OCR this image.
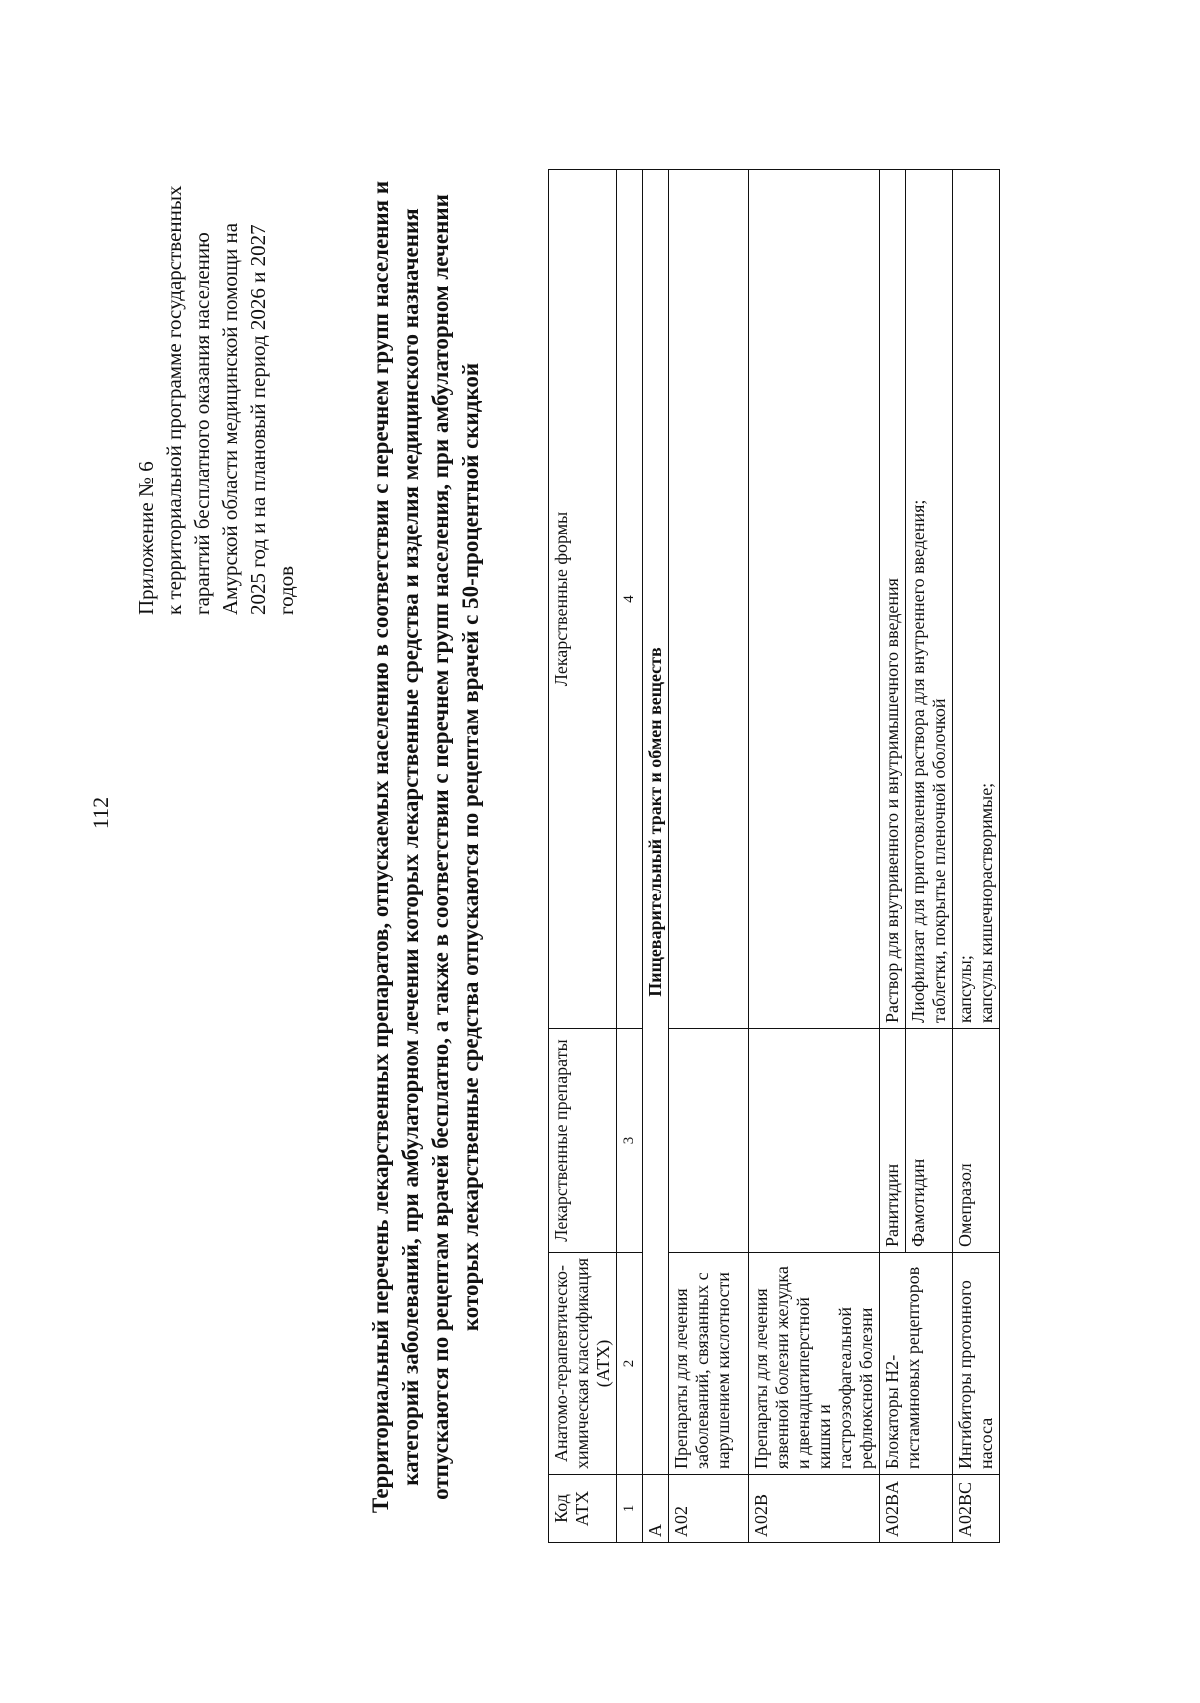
112
Приложение № 6 к территориальной программе государственных гарантий бесплатного оказания населению Амурской области медицинской помощи на 2025 год и на плановый период 2026 и 2027 годов	Территориальный перечень лекарственных препаратов, отпускаемых населению в соответствии с перечнем групп населения и категорий заболеваний, при амбулаторном лечении которых лекарственные средства и изделия медицинского назначения отпускаются по рецептам врачей бесплатно, а также в соответствии с перечнем групп населения, при амбулаторном лечении которых лекарственные средства отпускаются по рецептам врачей с 50-процентной скидкой
Код АТХ	Анатомо-терапевтическо-химическая классификация (АТХ)	Лекарственные препараты	Лекарственные формы
1	2	3	4
A	Пищеварительный тракт и обмен веществ		
A02	Препараты для лечения заболеваний, связанных с нарушением кислотности		
A02B	Препараты для лечения язвенной болезни желудка и двенадцатиперстной кишки и гастроэзофагеальной рефлюксной болезни		
A02BA	Блокаторы H2-гистаминовых рецепторов	Ранитидин	Раствор для внутривенного и внутримышечного введения
		Фамотидин	Лиофилизат для приготовления раствора для внутреннего введения; таблетки, покрытые пленочной оболочкой

A02BC	Ингибиторы протонного насоса	Омепразол	капсулы; капсулы кишечнорастворимые;
